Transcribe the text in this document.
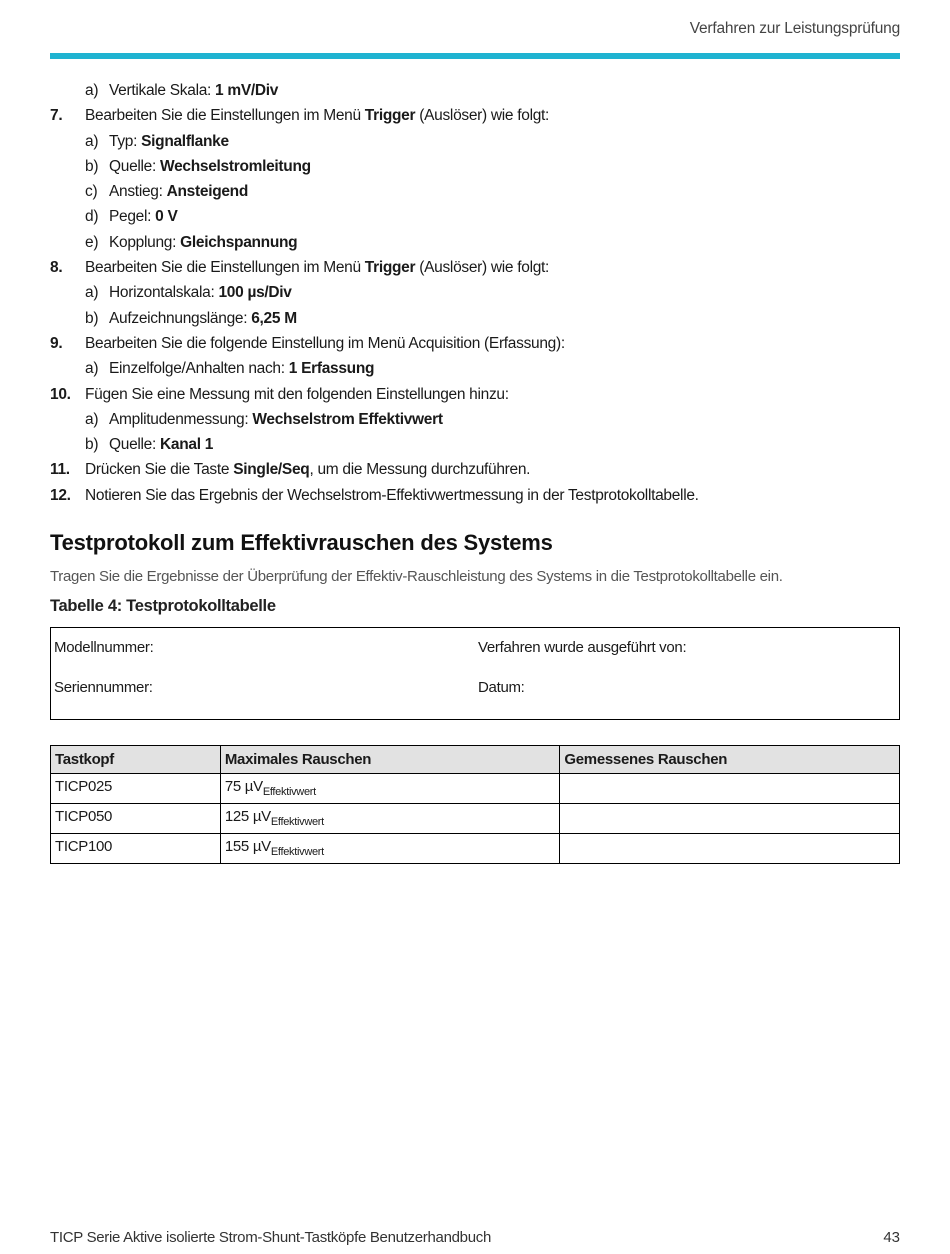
Verfahren zur Leistungsprüfung
a) Vertikale Skala: 1 mV/Div
7. Bearbeiten Sie die Einstellungen im Menü Trigger (Auslöser) wie folgt:
a) Typ: Signalflanke
b) Quelle: Wechselstromleitung
c) Anstieg: Ansteigend
d) Pegel: 0 V
e) Kopplung: Gleichspannung
8. Bearbeiten Sie die Einstellungen im Menü Trigger (Auslöser) wie folgt:
a) Horizontalskala: 100 µs/Div
b) Aufzeichnungslänge: 6,25 M
9. Bearbeiten Sie die folgende Einstellung im Menü Acquisition (Erfassung):
a) Einzelfolge/Anhalten nach: 1 Erfassung
10. Fügen Sie eine Messung mit den folgenden Einstellungen hinzu:
a) Amplitudenmessung: Wechselstrom Effektivwert
b) Quelle: Kanal 1
11. Drücken Sie die Taste Single/Seq, um die Messung durchzuführen.
12. Notieren Sie das Ergebnis der Wechselstrom-Effektivwertmessung in der Testprotokolltabelle.
Testprotokoll zum Effektivrauschen des Systems
Tragen Sie die Ergebnisse der Überprüfung der Effektiv-Rauschleistung des Systems in die Testprotokolltabelle ein.
Tabelle 4: Testprotokolltabelle
Modellnummer:	Verfahren wurde ausgeführt von:
Seriennummer:	Datum:
Tastkopf	Maximales Rauschen	Gemessenes Rauschen
TICP025	75 µV$_{Effektivwert}$	
TICP050	125 µV$_{Effektivwert}$	
TICP100	155 µV$_{Effektivwert}$	
TICP Serie Aktive isolierte Strom-Shunt-Tastköpfe Benutzerhandbuch	43
